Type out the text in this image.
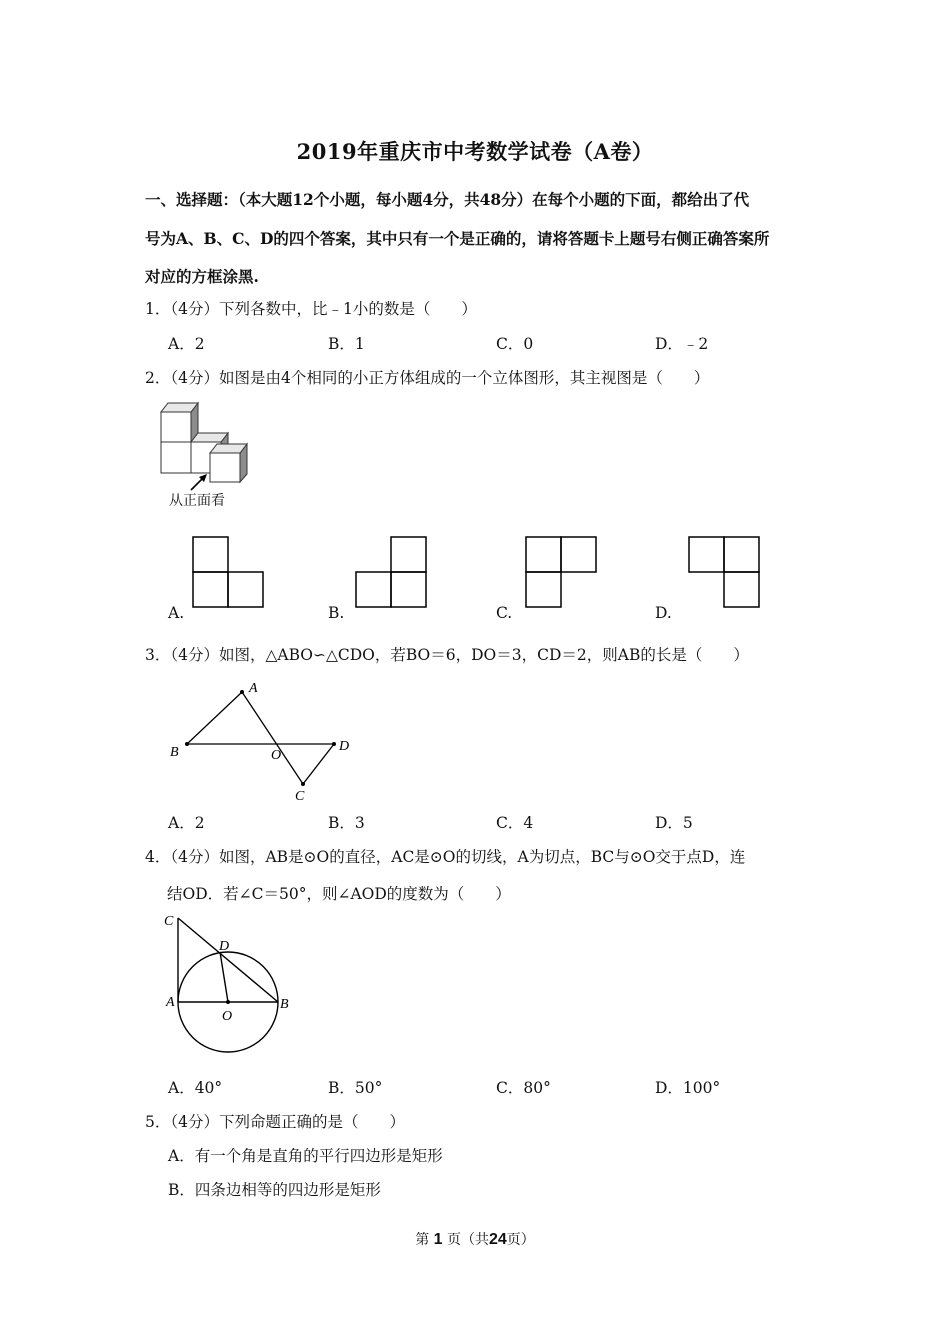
2019年重庆市中考数学试卷（A卷）
一、选择题：（本大题12个小题，每小题4分，共48分）在每个小题的下面，都给出了代
号为A、B、C、D的四个答案，其中只有一个是正确的，请将答题卡上题号右侧正确答案所
对应的方框涂黑.
1．（4分）下列各数中，比﹣1小的数是（　　）
A．2	B．1	C．0	D．﹣2
2．（4分）如图是由4个相同的小正方体组成的一个立体图形，其主视图是（　　）
从正面看
A.	B.	C.	D.
3．（4分）如图，△ABO∽△CDO，若BO＝6，DO＝3，CD＝2，则AB的长是（　　）
A
B	O
D
C
A．2	B．3	C．4	D．5
4．（4分）如图，AB是⊙O的直径，AC是⊙O的切线，A为切点，BC与⊙O交于点D，连
结OD．若∠C＝50°，则∠AOD的度数为（　　）
C
D
A
O
B
A．40°	B．50°	C．80°	D．100°
5．（4分）下列命题正确的是（　　）
A．有一个角是直角的平行四边形是矩形
B．四条边相等的四边形是矩形
第 1 页（共24页）
